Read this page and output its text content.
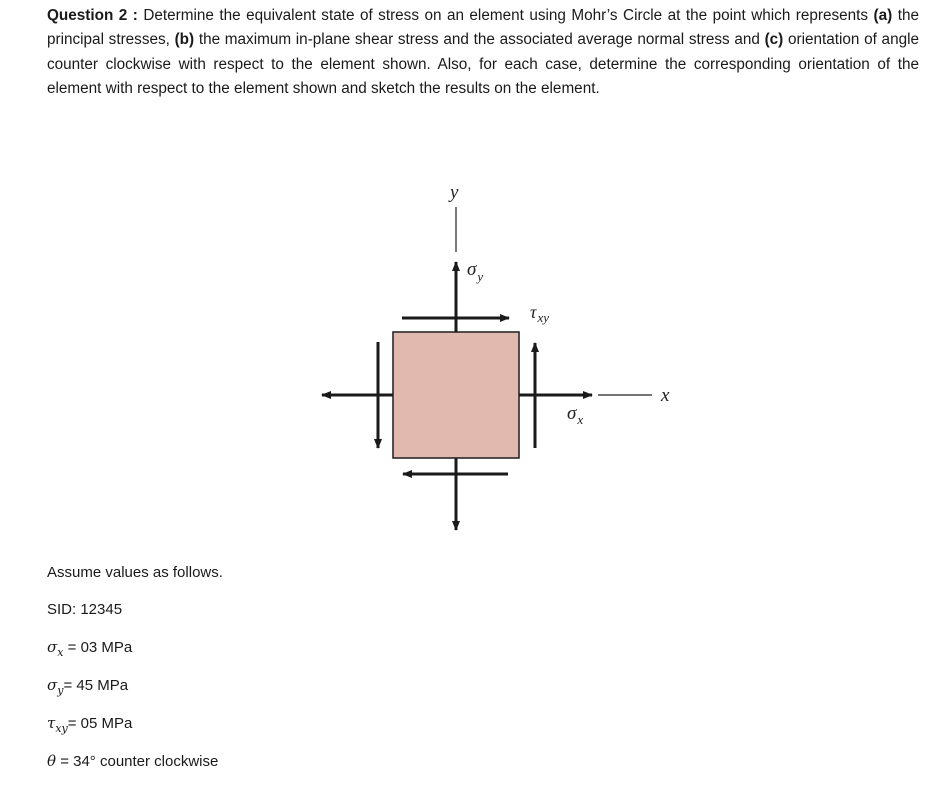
Question 2 : Determine the equivalent state of stress on an element using Mohr’s Circle at the point which represents (a) the principal stresses, (b) the maximum in-plane shear stress and the associated average normal stress and (c) orientation of angle counter clockwise with respect to the element shown. Also, for each case, determine the corresponding orientation of the element with respect to the element shown and sketch the results on the element.
y
x
$\sigma_y$
$\tau_{xy}$
$\sigma_x$
Assume values as follows.
SID: 12345
$\sigma_x = 03$ MPa
$\sigma_y= 45$ MPa
$\tau_{xy}= 05$ MPa
θ = 34° counter clockwise
